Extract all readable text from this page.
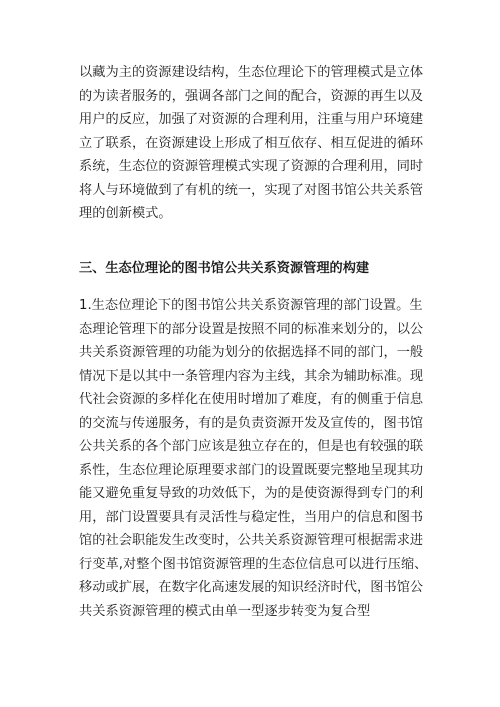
以藏为主的资源建设结构，生态位理论下的管理模式是立体
的为读者服务的，强调各部门之间的配合，资源的再生以及
用户的反应，加强了对资源的合理利用，注重与用户环境建
立了联系，在资源建设上形成了相互依存、相互促进的循环
系统，生态位的资源管理模式实现了资源的合理利用，同时
将人与环境做到了有机的统一，实现了对图书馆公共关系管
理的创新模式。

三、生态位理论的图书馆公共关系资源管理的构建

1.生态位理论下的图书馆公共关系资源管理的部门设置。生
态理论管理下的部分设置是按照不同的标准来划分的，以公
共关系资源管理的功能为划分的依据选择不同的部门，一般
情况下是以其中一条管理内容为主线，其余为辅助标准。现
代社会资源的多样化在使用时增加了难度，有的侧重于信息
的交流与传递服务，有的是负责资源开发及宣传的，图书馆
公共关系的各个部门应该是独立存在的，但是也有较强的联
系性，生态位理论原理要求部门的设置既要完整地呈现其功
能又避免重复导致的功效低下，为的是使资源得到专门的利
用，部门设置要具有灵活性与稳定性，当用户的信息和图书
馆的社会职能发生改变时，公共关系资源管理可根据需求进
行变革,对整个图书馆资源管理的生态位信息可以进行压缩、
移动或扩展，在数字化高速发展的知识经济时代，图书馆公
共关系资源管理的模式由单一型逐步转变为复合型
